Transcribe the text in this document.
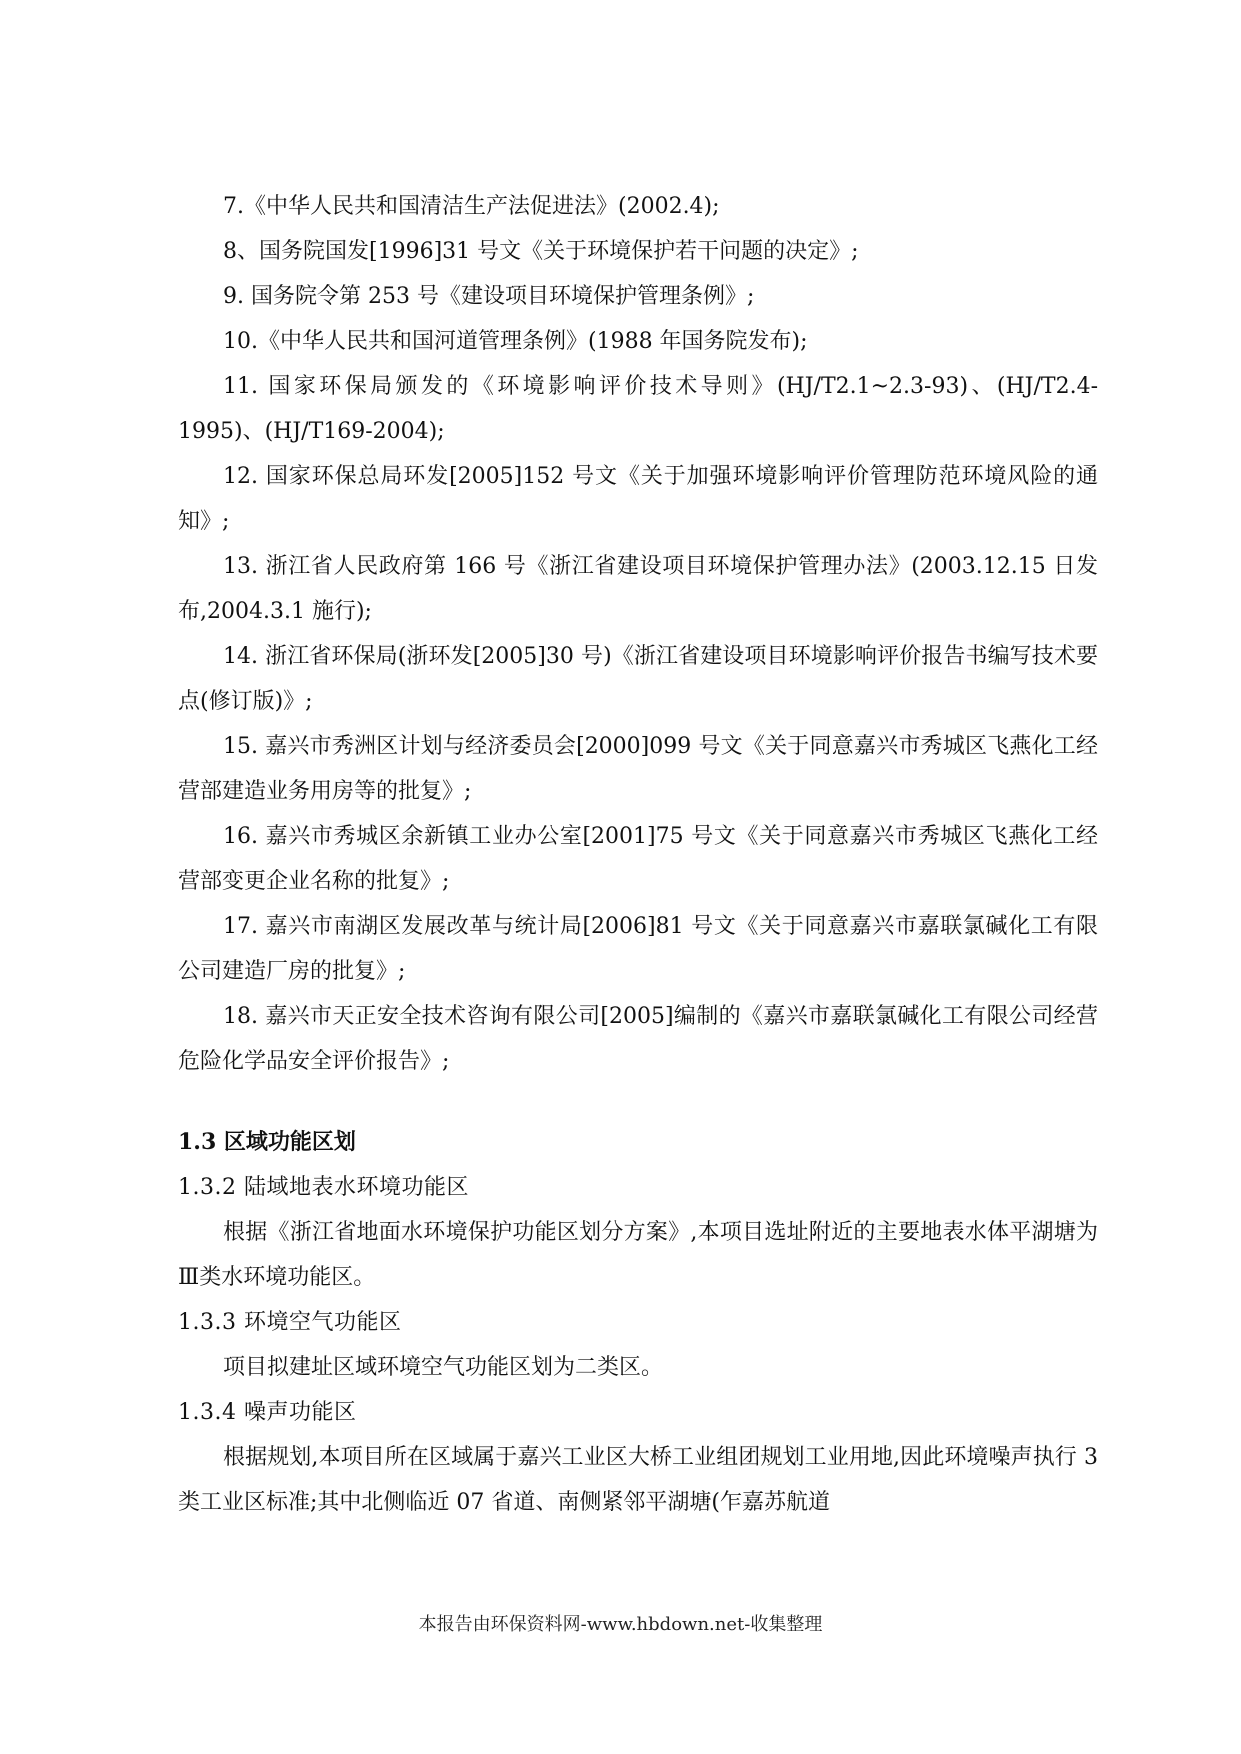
7.《中华人民共和国清洁生产法促进法》(2002.4);

8、国务院国发[1996]31 号文《关于环境保护若干问题的决定》;

9. 国务院令第 253 号《建设项目环境保护管理条例》;

10.《中华人民共和国河道管理条例》(1988 年国务院发布);

11. 国家环保局颁发的《环境影响评价技术导则》(HJ/T2.1~2.3-93)、(HJ/T2.4-1995)、(HJ/T169-2004);

12. 国家环保总局环发[2005]152 号文《关于加强环境影响评价管理防范环境风险的通知》;

13. 浙江省人民政府第 166 号《浙江省建设项目环境保护管理办法》(2003.12.15 日发布,2004.3.1 施行);

14. 浙江省环保局(浙环发[2005]30 号)《浙江省建设项目环境影响评价报告书编写技术要点(修订版)》;

15. 嘉兴市秀洲区计划与经济委员会[2000]099 号文《关于同意嘉兴市秀城区飞燕化工经营部建造业务用房等的批复》;

16. 嘉兴市秀城区余新镇工业办公室[2001]75 号文《关于同意嘉兴市秀城区飞燕化工经营部变更企业名称的批复》;

17. 嘉兴市南湖区发展改革与统计局[2006]81 号文《关于同意嘉兴市嘉联氯碱化工有限公司建造厂房的批复》;

18. 嘉兴市天正安全技术咨询有限公司[2005]编制的《嘉兴市嘉联氯碱化工有限公司经营危险化学品安全评价报告》;

1.3 区域功能区划

1.3.2 陆域地表水环境功能区

根据《浙江省地面水环境保护功能区划分方案》,本项目选址附近的主要地表水体平湖塘为Ⅲ类水环境功能区。

1.3.3 环境空气功能区

项目拟建址区域环境空气功能区划为二类区。

1.3.4 噪声功能区

根据规划,本项目所在区域属于嘉兴工业区大桥工业组团规划工业用地,因此环境噪声执行 3 类工业区标准;其中北侧临近 07 省道、南侧紧邻平湖塘(乍嘉苏航道

本报告由环保资料网-www.hbdown.net-收集整理
